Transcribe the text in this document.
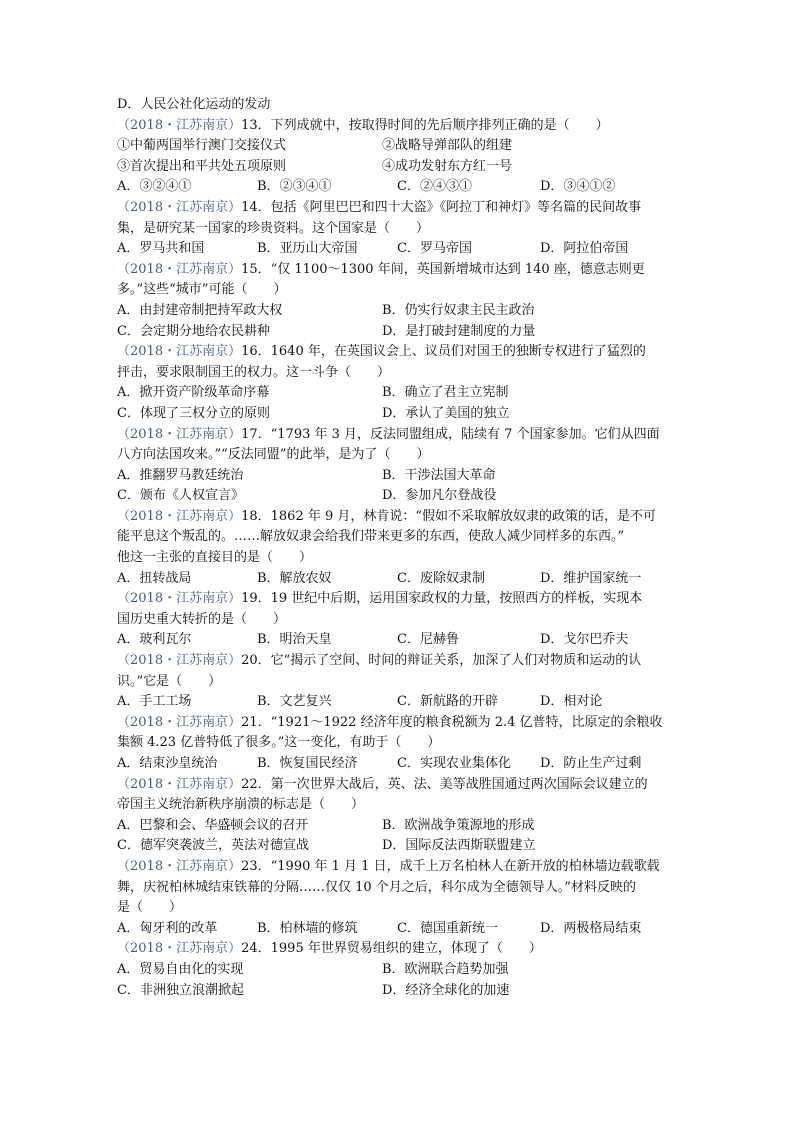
D．人民公社化运动的发动
（2018・江苏南京）13．下列成就中，按取得时间的先后顺序排列正确的是（　　）
①中葡两国举行澳门交接仪式	②战略导弹部队的组建
③首次提出和平共处五项原则	④成功发射东方红一号
A．③②④①	B．②③④①	C．②④③①	D．③④①②
（2018・江苏南京）14．包括《阿里巴巴和四十大盗》《阿拉丁和神灯》等名篇的民间故事
集，是研究某一国家的珍贵资料。这个国家是（　　）
A．罗马共和国	B．亚历山大帝国	C．罗马帝国	D．阿拉伯帝国
（2018・江苏南京）15．“仅 1100～1300 年间，英国新增城市达到 140 座，德意志则更
多。”这些“城市”可能（　　）
A．由封建帝制把持军政大权	B．仍实行奴隶主民主政治
C．会定期分地给农民耕种	D．是打破封建制度的力量
（2018・江苏南京）16．1640 年，在英国议会上、议员们对国王的独断专权进行了猛烈的
抨击，要求限制国王的权力。这一斗争（　　）
A．掀开资产阶级革命序幕	B．确立了君主立宪制
C．体现了三权分立的原则	D．承认了美国的独立
（2018・江苏南京）17．“1793 年 3 月，反法同盟组成，陆续有 7 个国家参加。它们从四面
八方向法国攻来。”“反法同盟”的此举，是为了（　　）
A．推翻罗马教廷统治	B．干涉法国大革命
C．颁布《人权宣言》	D．参加凡尔登战役
（2018・江苏南京）18．1862 年 9 月，林肯说：“假如不采取解放奴隶的政策的话，是不可
能平息这个叛乱的。……解放奴隶会给我们带来更多的东西，使敌人减少同样多的东西。”
他这一主张的直接目的是（　　）
A．扭转战局	B．解放农奴	C．废除奴隶制	D．维护国家统一
（2018・江苏南京）19．19 世纪中后期，运用国家政权的力量，按照西方的样板，实现本
国历史重大转折的是（　　）
A．玻利瓦尔	B．明治天皇	C．尼赫鲁	D．戈尔巴乔夫
（2018・江苏南京）20．它“揭示了空间、时间的辩证关系，加深了人们对物质和运动的认
识。”它是（　　）
A．手工工场	B．文艺复兴	C．新航路的开辟	D．相对论
（2018・江苏南京）21．“1921～1922 经济年度的粮食税额为 2.4 亿普特，比原定的余粮收
集额 4.23 亿普特低了很多。”这一变化，有助于（　　）
A．结束沙皇统治	B．恢复国民经济	C．实现农业集体化	D．防止生产过剩
（2018・江苏南京）22．第一次世界大战后，英、法、美等战胜国通过两次国际会议建立的
帝国主义统治新秩序崩溃的标志是（　　）
A．巴黎和会、华盛顿会议的召开	B．欧洲战争策源地的形成
C．德军突袭波兰，英法对德宣战	D．国际反法西斯联盟建立
（2018・江苏南京）23．“1990 年 1 月 1 日，成千上万名柏林人在新开放的柏林墙边载歌载
舞，庆祝柏林城结束铁幕的分隔……仅仅 10 个月之后，科尔成为全德领导人。”材料反映的
是（　　）
A．匈牙利的改革	B．柏林墙的修筑	C．德国重新统一	D．两极格局结束
（2018・江苏南京）24．1995 年世界贸易组织的建立，体现了（　　）
A．贸易自由化的实现	B．欧洲联合趋势加强
C．非洲独立浪潮掀起	D．经济全球化的加速
